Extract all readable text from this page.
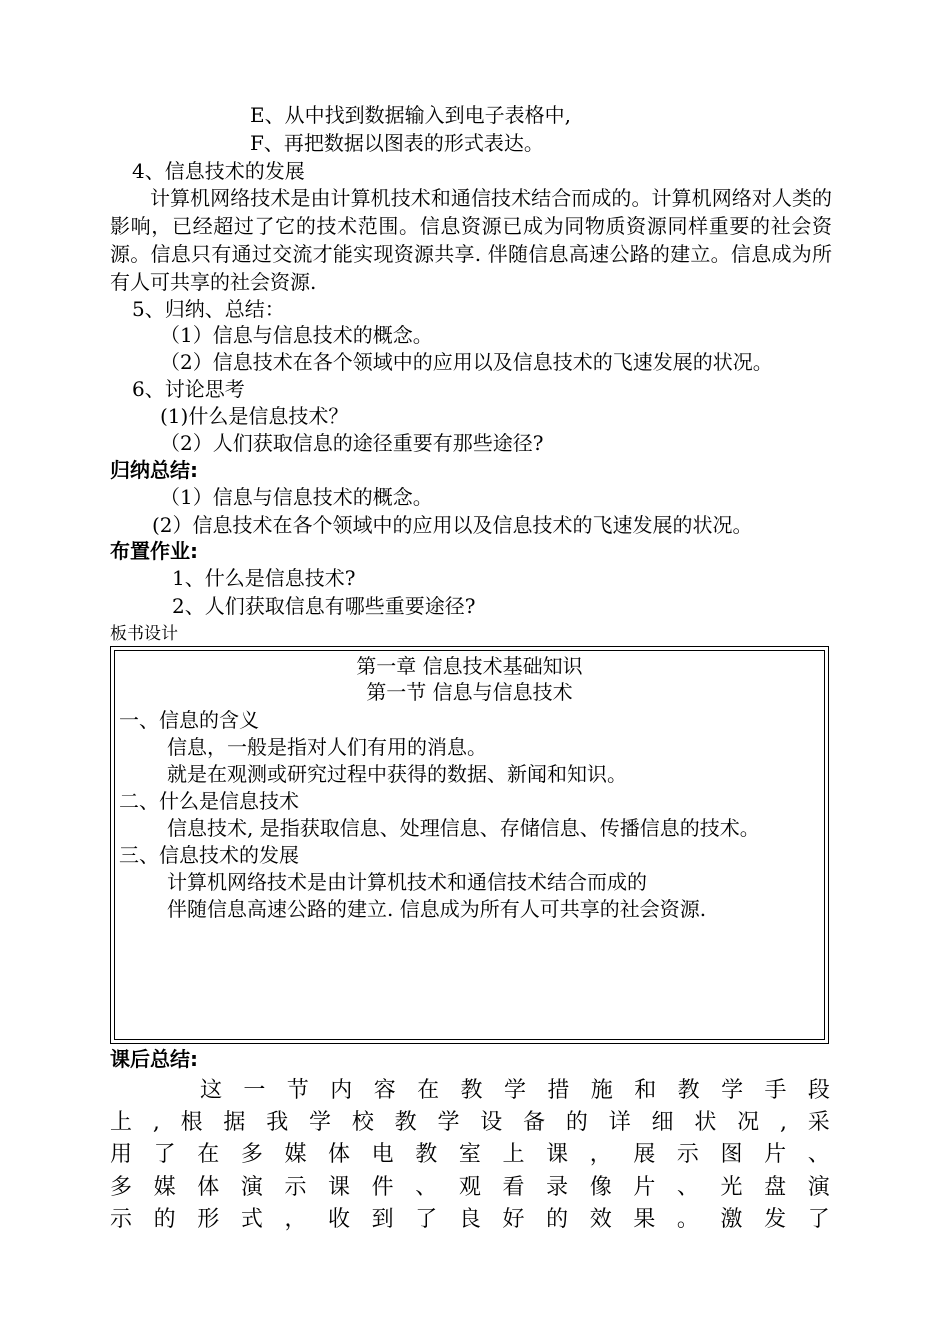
E、从中找到数据输入到电子表格中,
F、再把数据以图表的形式表达。
4、信息技术的发展
计算机网络技术是由计算机技术和通信技术结合而成的。计算机网络对人类的影响，已经超过了它的技术范围。信息资源已成为同物质资源同样重要的社会资源。信息只有通过交流才能实现资源共享. 伴随信息高速公路的建立。信息成为所有人可共享的社会资源.
5、归纳、总结：
（1）信息与信息技术的概念。
（2）信息技术在各个领域中的应用以及信息技术的飞速发展的状况。
6、讨论思考
(1)什么是信息技术？
（2）人们获取信息的途径重要有那些途径?
归纳总结:
（1）信息与信息技术的概念。
(2）信息技术在各个领域中的应用以及信息技术的飞速发展的状况。
布置作业:
1、什么是信息技术?
2、人们获取信息有哪些重要途径?
板书设计
第一章 信息技术基础知识
第一节 信息与信息技术
一、信息的含义
信息，一般是指对人们有用的消息。
就是在观测或研究过程中获得的数据、新闻和知识。
二、什么是信息技术
信息技术, 是指获取信息、处理信息、存储信息、传播信息的技术。
三、信息技术的发展
计算机网络技术是由计算机技术和通信技术结合而成的
伴随信息高速公路的建立. 信息成为所有人可共享的社会资源.
课后总结:
这 一 节 内 容 在 教 学 措 施 和 教 学 手 段
上 , 根 据 我 学 校 教 学 设 备 的 详 细 状 况 , 采
用 了 在 多 媒 体 电 教 室 上 课 ， 展 示 图 片 、
多 媒 体 演 示 课 件 、 观 看 录 像 片 、 光 盘 演
示 的 形 式 ， 收 到 了 良 好 的 效 果 。 激 发 了
